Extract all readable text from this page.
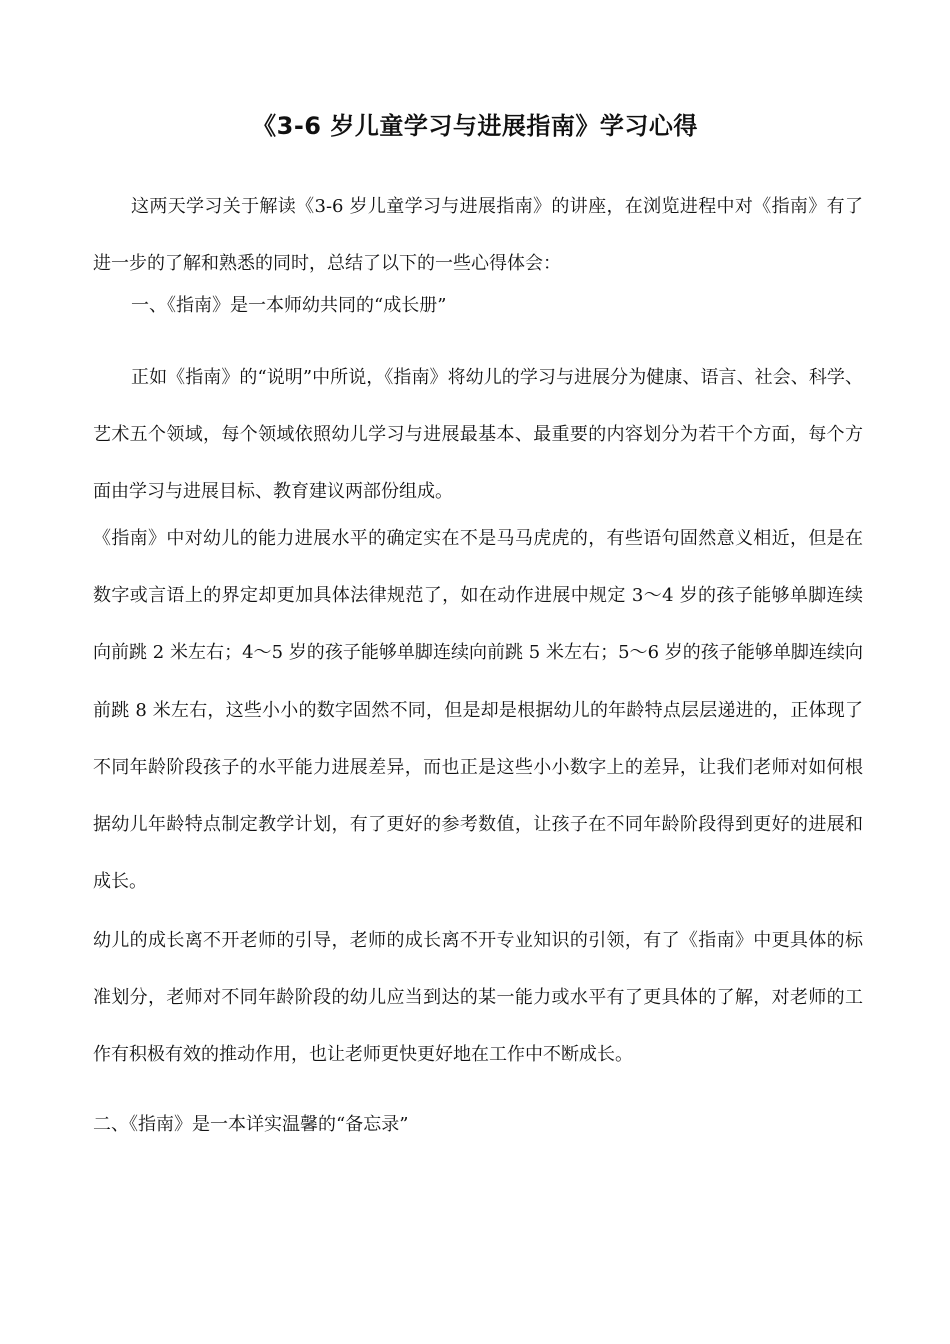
《3-6 岁儿童学习与进展指南》学习心得
这两天学习关于解读《3-6 岁儿童学习与进展指南》的讲座，在浏览进程中对《指南》有了进一步的了解和熟悉的同时，总结了以下的一些心得体会：
一、《指南》是一本师幼共同的“成长册”
正如《指南》的“说明”中所说，《指南》将幼儿的学习与进展分为健康、语言、社会、科学、艺术五个领域，每个领域依照幼儿学习与进展最基本、最重要的内容划分为若干个方面，每个方面由学习与进展目标、教育建议两部份组成。
《指南》中对幼儿的能力进展水平的确定实在不是马马虎虎的，有些语句固然意义相近，但是在数字或言语上的界定却更加具体法律规范了，如在动作进展中规定 3～4 岁的孩子能够单脚连续向前跳 2 米左右；4～5 岁的孩子能够单脚连续向前跳 5 米左右；5～6 岁的孩子能够单脚连续向前跳 8 米左右，这些小小的数字固然不同，但是却是根据幼儿的年龄特点层层递进的，正体现了不同年龄阶段孩子的水平能力进展差异，而也正是这些小小数字上的差异，让我们老师对如何根据幼儿年龄特点制定教学计划，有了更好的参考数值，让孩子在不同年龄阶段得到更好的进展和成长。
幼儿的成长离不开老师的引导，老师的成长离不开专业知识的引领，有了《指南》中更具体的标准划分，老师对不同年龄阶段的幼儿应当到达的某一能力或水平有了更具体的了解，对老师的工作有积极有效的推动作用，也让老师更快更好地在工作中不断成长。
二、《指南》是一本详实温馨的“备忘录”
